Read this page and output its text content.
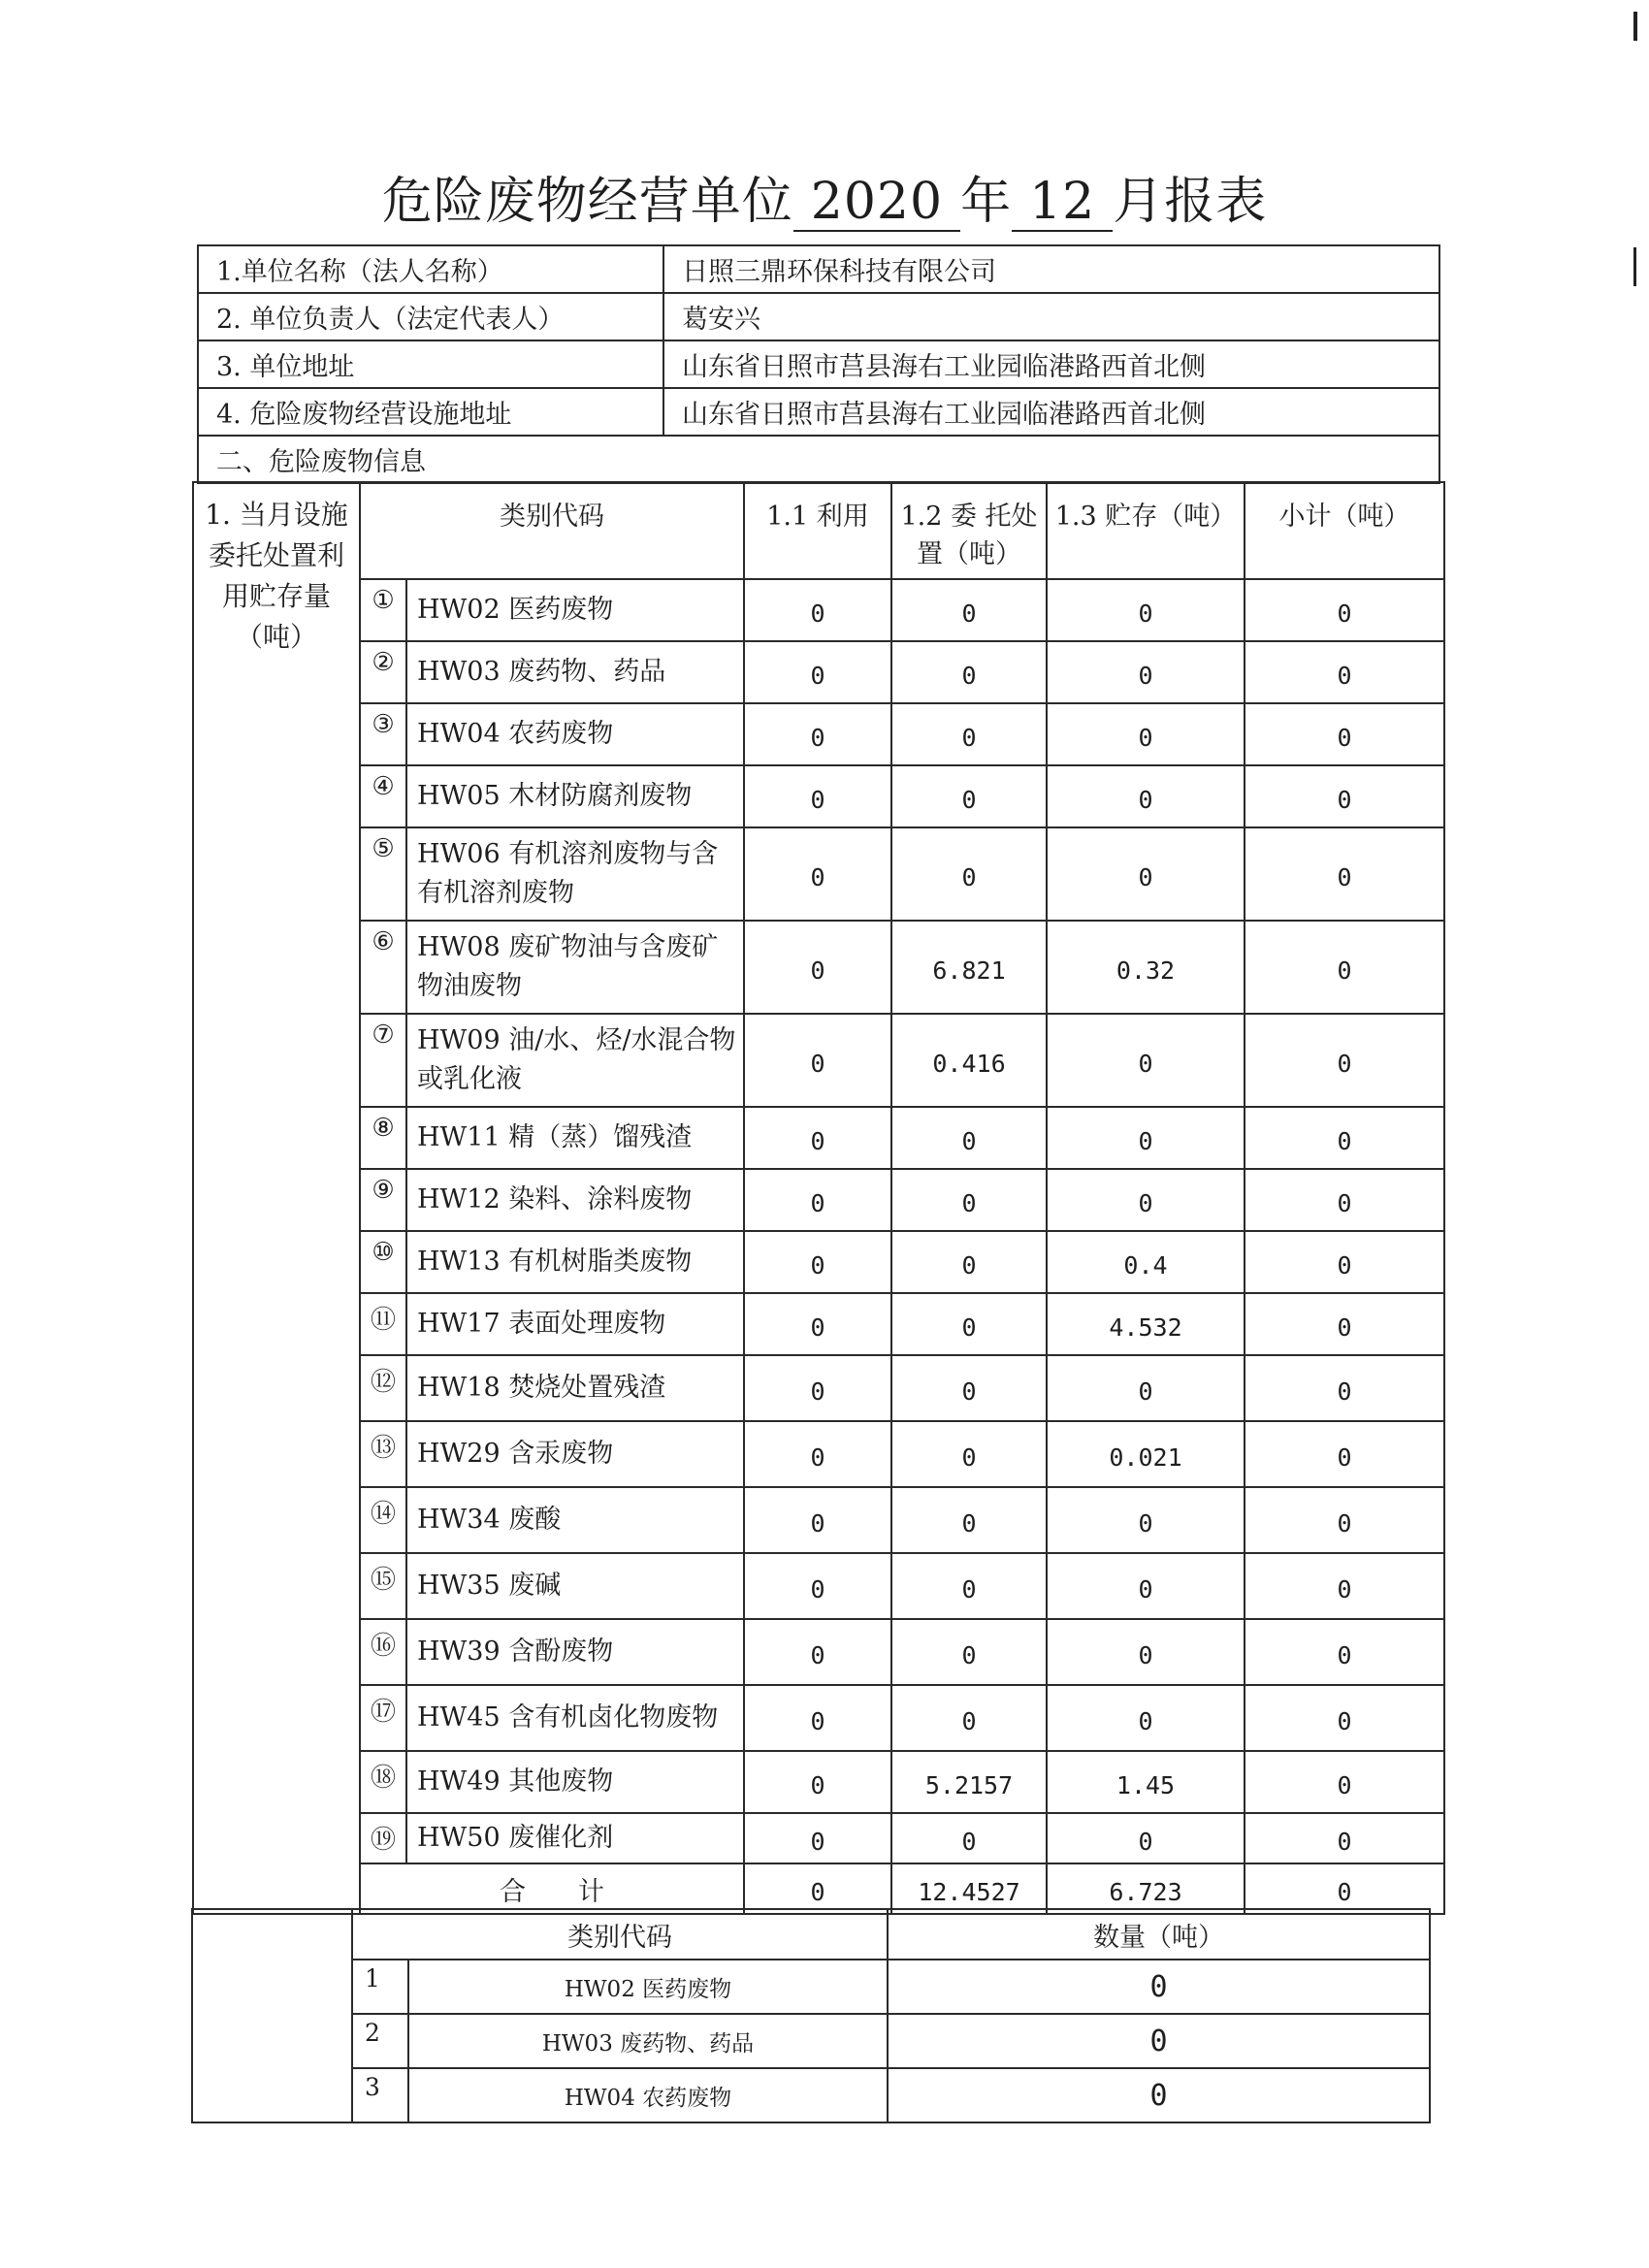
危险废物经营单位 2020 年 12 月报表
1.单位名称（法人名称）	日照三鼎环保科技有限公司
2. 单位负责人（法定代表人）	葛安兴
3. 单位地址	山东省日照市莒县海右工业园临港路西首北侧
4. 危险废物经营设施地址	山东省日照市莒县海右工业园临港路西首北侧
二、危险废物信息	
1. 当月设施委托处置利用贮存量（吨）	类别代码		1.1 利用	1.2 委 托处置（吨）	1.3 贮存（吨）	小计（吨）
	①	HW02 医药废物	0	0	0	0
	②	HW03 废药物、药品	0	0	0	0
	③	HW04 农药废物	0	0	0	0
	④	HW05 木材防腐剂废物	0	0	0	0
	⑤	HW06 有机溶剂废物与含有机溶剂废物	0	0	0	0
	⑥	HW08 废矿物油与含废矿物油废物	0	6.821	0.32	0
	⑦	HW09 油/水、烃/水混合物或乳化液	0	0.416	0	0
	⑧	HW11 精（蒸）馏残渣	0	0	0	0
	⑨	HW12 染料、涂料废物	0	0	0	0
	⑩	HW13 有机树脂类废物	0	0	0.4	0
	⑪	HW17 表面处理废物	0	0	4.532	0
	⑫	HW18 焚烧处置残渣	0	0	0	0
	⑬	HW29 含汞废物	0	0	0.021	0
	⑭	HW34 废酸	0	0	0	0
	⑮	HW35 废碱	0	0	0	0
	⑯	HW39 含酚废物	0	0	0	0
	⑰	HW45 含有机卤化物废物	0	0	0	0
	⑱	HW49 其他废物	0	5.2157	1.45	0
	⑲	HW50 废催化剂	0	0	0	0
	合　　计		0	12.4527	6.723	0
	类别代码		数量（吨）
	1	HW02 医药废物	0
	2	HW03 废药物、药品	0
	3	HW04 农药废物	0
